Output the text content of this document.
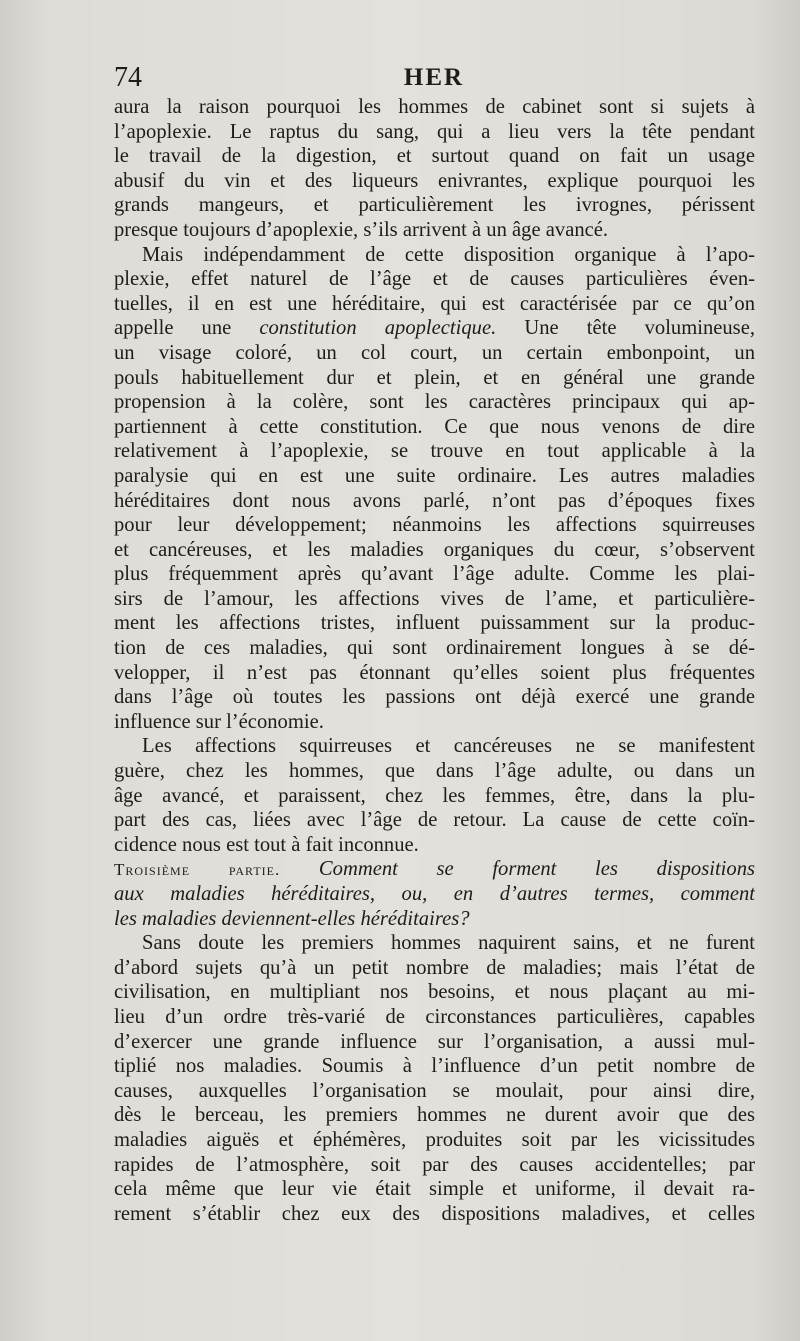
74	HER
aura la raison pourquoi les hommes de cabinet sont si sujets à
l’apoplexie. Le raptus du sang, qui a lieu vers la tête pendant
le travail de la digestion, et surtout quand on fait un usage
abusif du vin et des liqueurs enivrantes, explique pourquoi les
grands mangeurs, et particulièrement les ivrognes, périssent
presque toujours d’apoplexie, s’ils arrivent à un âge avancé.
Mais indépendamment de cette disposition organique à l’apo-
plexie, effet naturel de l’âge et de causes particulières éven-
tuelles, il en est une héréditaire, qui est caractérisée par ce qu’on
appelle une constitution apoplectique. Une tête volumineuse,
un visage coloré, un col court, un certain embonpoint, un
pouls habituellement dur et plein, et en général une grande
propension à la colère, sont les caractères principaux qui ap-
partiennent à cette constitution. Ce que nous venons de dire
relativement à l’apoplexie, se trouve en tout applicable à la
paralysie qui en est une suite ordinaire. Les autres maladies
héréditaires dont nous avons parlé, n’ont pas d’époques fixes
pour leur développement; néanmoins les affections squirreuses
et cancéreuses, et les maladies organiques du cœur, s’observent
plus fréquemment après qu’avant l’âge adulte. Comme les plai-
sirs de l’amour, les affections vives de l’ame, et particulière-
ment les affections tristes, influent puissamment sur la produc-
tion de ces maladies, qui sont ordinairement longues à se dé-
velopper, il n’est pas étonnant qu’elles soient plus fréquentes
dans l’âge où toutes les passions ont déjà exercé une grande
influence sur l’économie.
Les affections squirreuses et cancéreuses ne se manifestent
guère, chez les hommes, que dans l’âge adulte, ou dans un
âge avancé, et paraissent, chez les femmes, être, dans la plu-
part des cas, liées avec l’âge de retour. La cause de cette coïn-
cidence nous est tout à fait inconnue.
Troisième partie. Comment se forment les dispositions
aux maladies héréditaires, ou, en d’autres termes, comment
les maladies deviennent-elles héréditaires?
Sans doute les premiers hommes naquirent sains, et ne furent
d’abord sujets qu’à un petit nombre de maladies; mais l’état de
civilisation, en multipliant nos besoins, et nous plaçant au mi-
lieu d’un ordre très-varié de circonstances particulières, capables
d’exercer une grande influence sur l’organisation, a aussi mul-
tiplié nos maladies. Soumis à l’influence d’un petit nombre de
causes, auxquelles l’organisation se moulait, pour ainsi dire,
dès le berceau, les premiers hommes ne durent avoir que des
maladies aiguës et éphémères, produites soit par les vicissitudes
rapides de l’atmosphère, soit par des causes accidentelles; par
cela même que leur vie était simple et uniforme, il devait ra-
rement s’établir chez eux des dispositions maladives, et celles
